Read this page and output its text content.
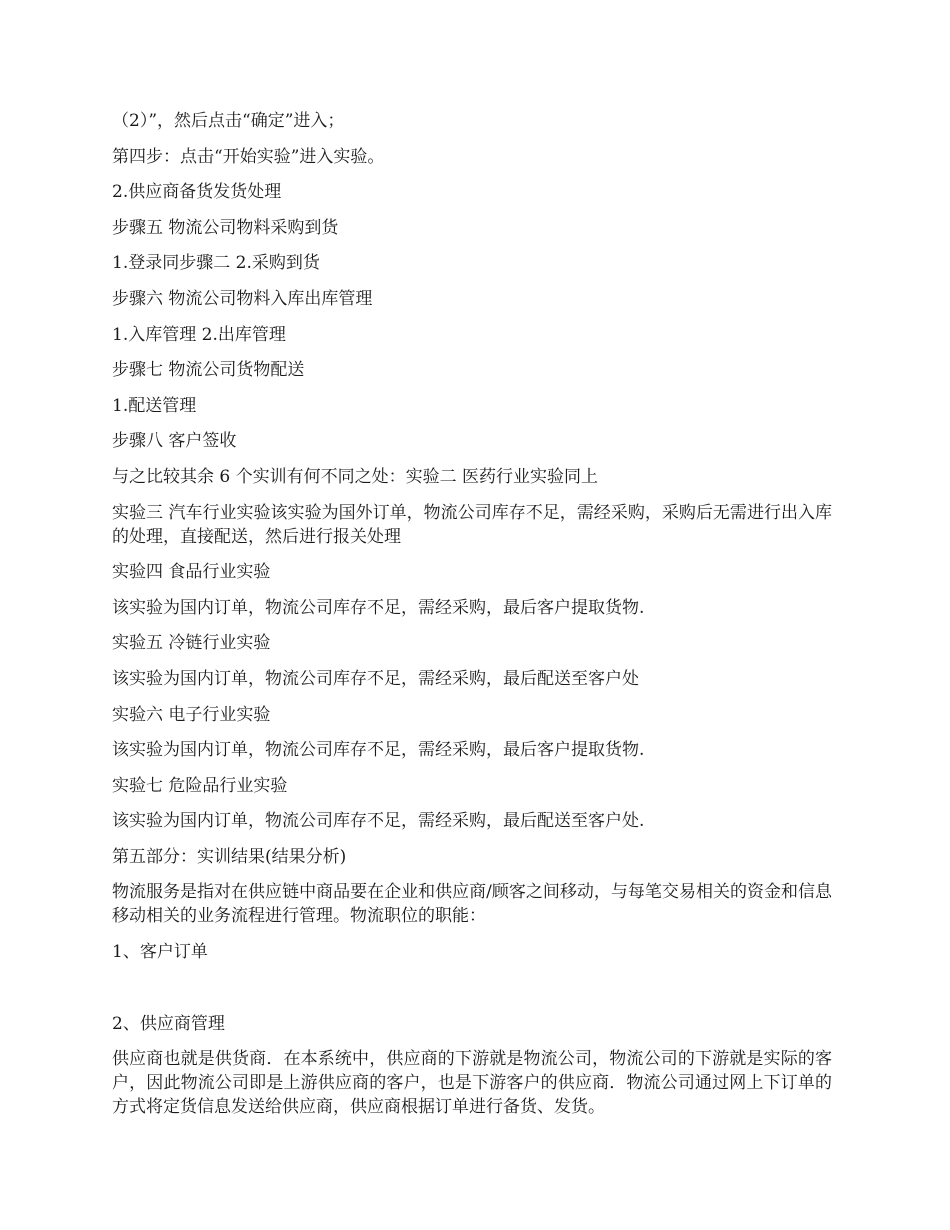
（2）”，然后点击“确定”进入；

第四步：点击“开始实验”进入实验。

2.供应商备货发货处理

步骤五 物流公司物料采购到货

1.登录同步骤二 2.采购到货

步骤六 物流公司物料入库出库管理

1.入库管理 2.出库管理

步骤七 物流公司货物配送

1.配送管理

步骤八 客户签收

与之比较其余 6 个实训有何不同之处：实验二 医药行业实验同上

实验三 汽车行业实验该实验为国外订单，物流公司库存不足，需经采购，采购后无需进行出入库的处理，直接配送，然后进行报关处理

实验四 食品行业实验

该实验为国内订单，物流公司库存不足，需经采购，最后客户提取货物.

实验五 冷链行业实验

该实验为国内订单，物流公司库存不足，需经采购，最后配送至客户处

实验六 电子行业实验

该实验为国内订单，物流公司库存不足，需经采购，最后客户提取货物.

实验七 危险品行业实验

该实验为国内订单，物流公司库存不足，需经采购，最后配送至客户处.

第五部分：实训结果(结果分析)

物流服务是指对在供应链中商品要在企业和供应商/顾客之间移动，与每笔交易相关的资金和信息移动相关的业务流程进行管理。物流职位的职能：

1、客户订单

2、供应商管理

供应商也就是供货商．在本系统中，供应商的下游就是物流公司，物流公司的下游就是实际的客户，因此物流公司即是上游供应商的客户，也是下游客户的供应商．物流公司通过网上下订单的方式将定货信息发送给供应商，供应商根据订单进行备货、发货。
